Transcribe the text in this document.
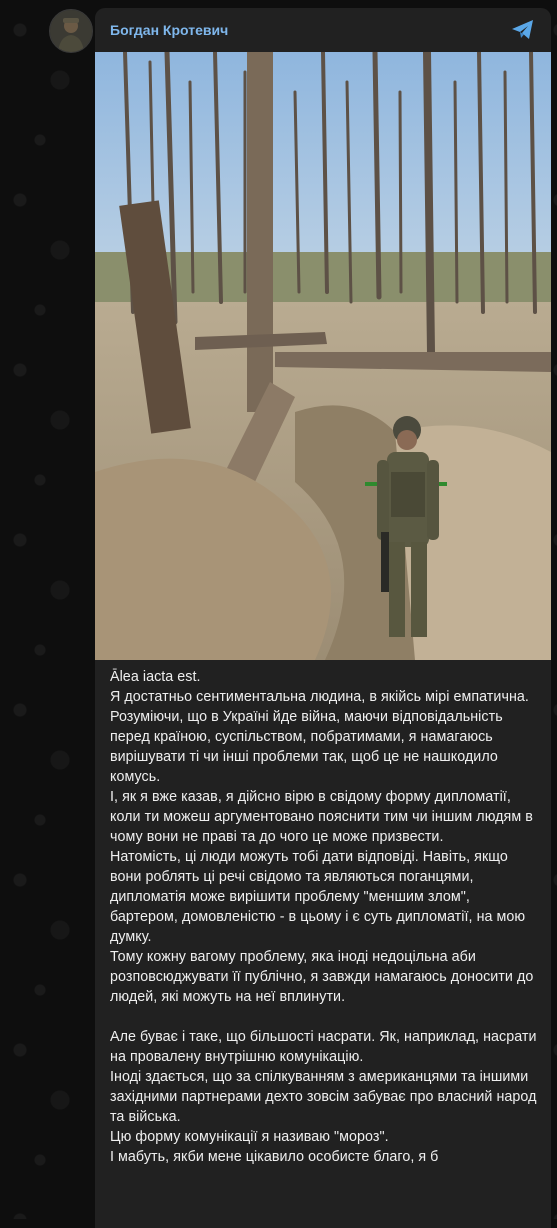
Богдан Кротевич

Ālea iacta est.

Я достатньо сентиментальна людина, в якійсь мірі емпатична. Розуміючи, що в Україні йде війна, маючи відповідальність перед країною, суспільством, побратимами, я намагаюсь вирішувати ті чи інші проблеми так, щоб це не нашкодило комусь.

І, як я вже казав, я дійсно вірю в свідому форму дипломатії, коли ти можеш аргументовано пояснити тим чи іншим людям в чому вони не праві та до чого це може призвести.

Натомість, ці люди можуть тобі дати відповіді. Навіть, якщо вони роблять ці речі свідомо та являються поганцями, дипломатія може вирішити проблему "меншим злом", бартером, домовленістю - в цьому і є суть дипломатії, на мою думку.

Тому кожну вагому проблему, яка іноді недоцільна аби розповсюджувати її публічно, я завжди намагаюсь доносити до людей, які можуть на неї вплинути.

Але буває і таке, що більшості насрати. Як, наприклад, насрати на провалену внутрішню комунікацію.

Іноді здається, що за спілкуванням з американцями та іншими західними партнерами дехто зовсім забуває про власний народ та війська.

Цю форму комунікації я називаю "мороз".

І мабуть, якби мене цікавило особисте благо, я б
